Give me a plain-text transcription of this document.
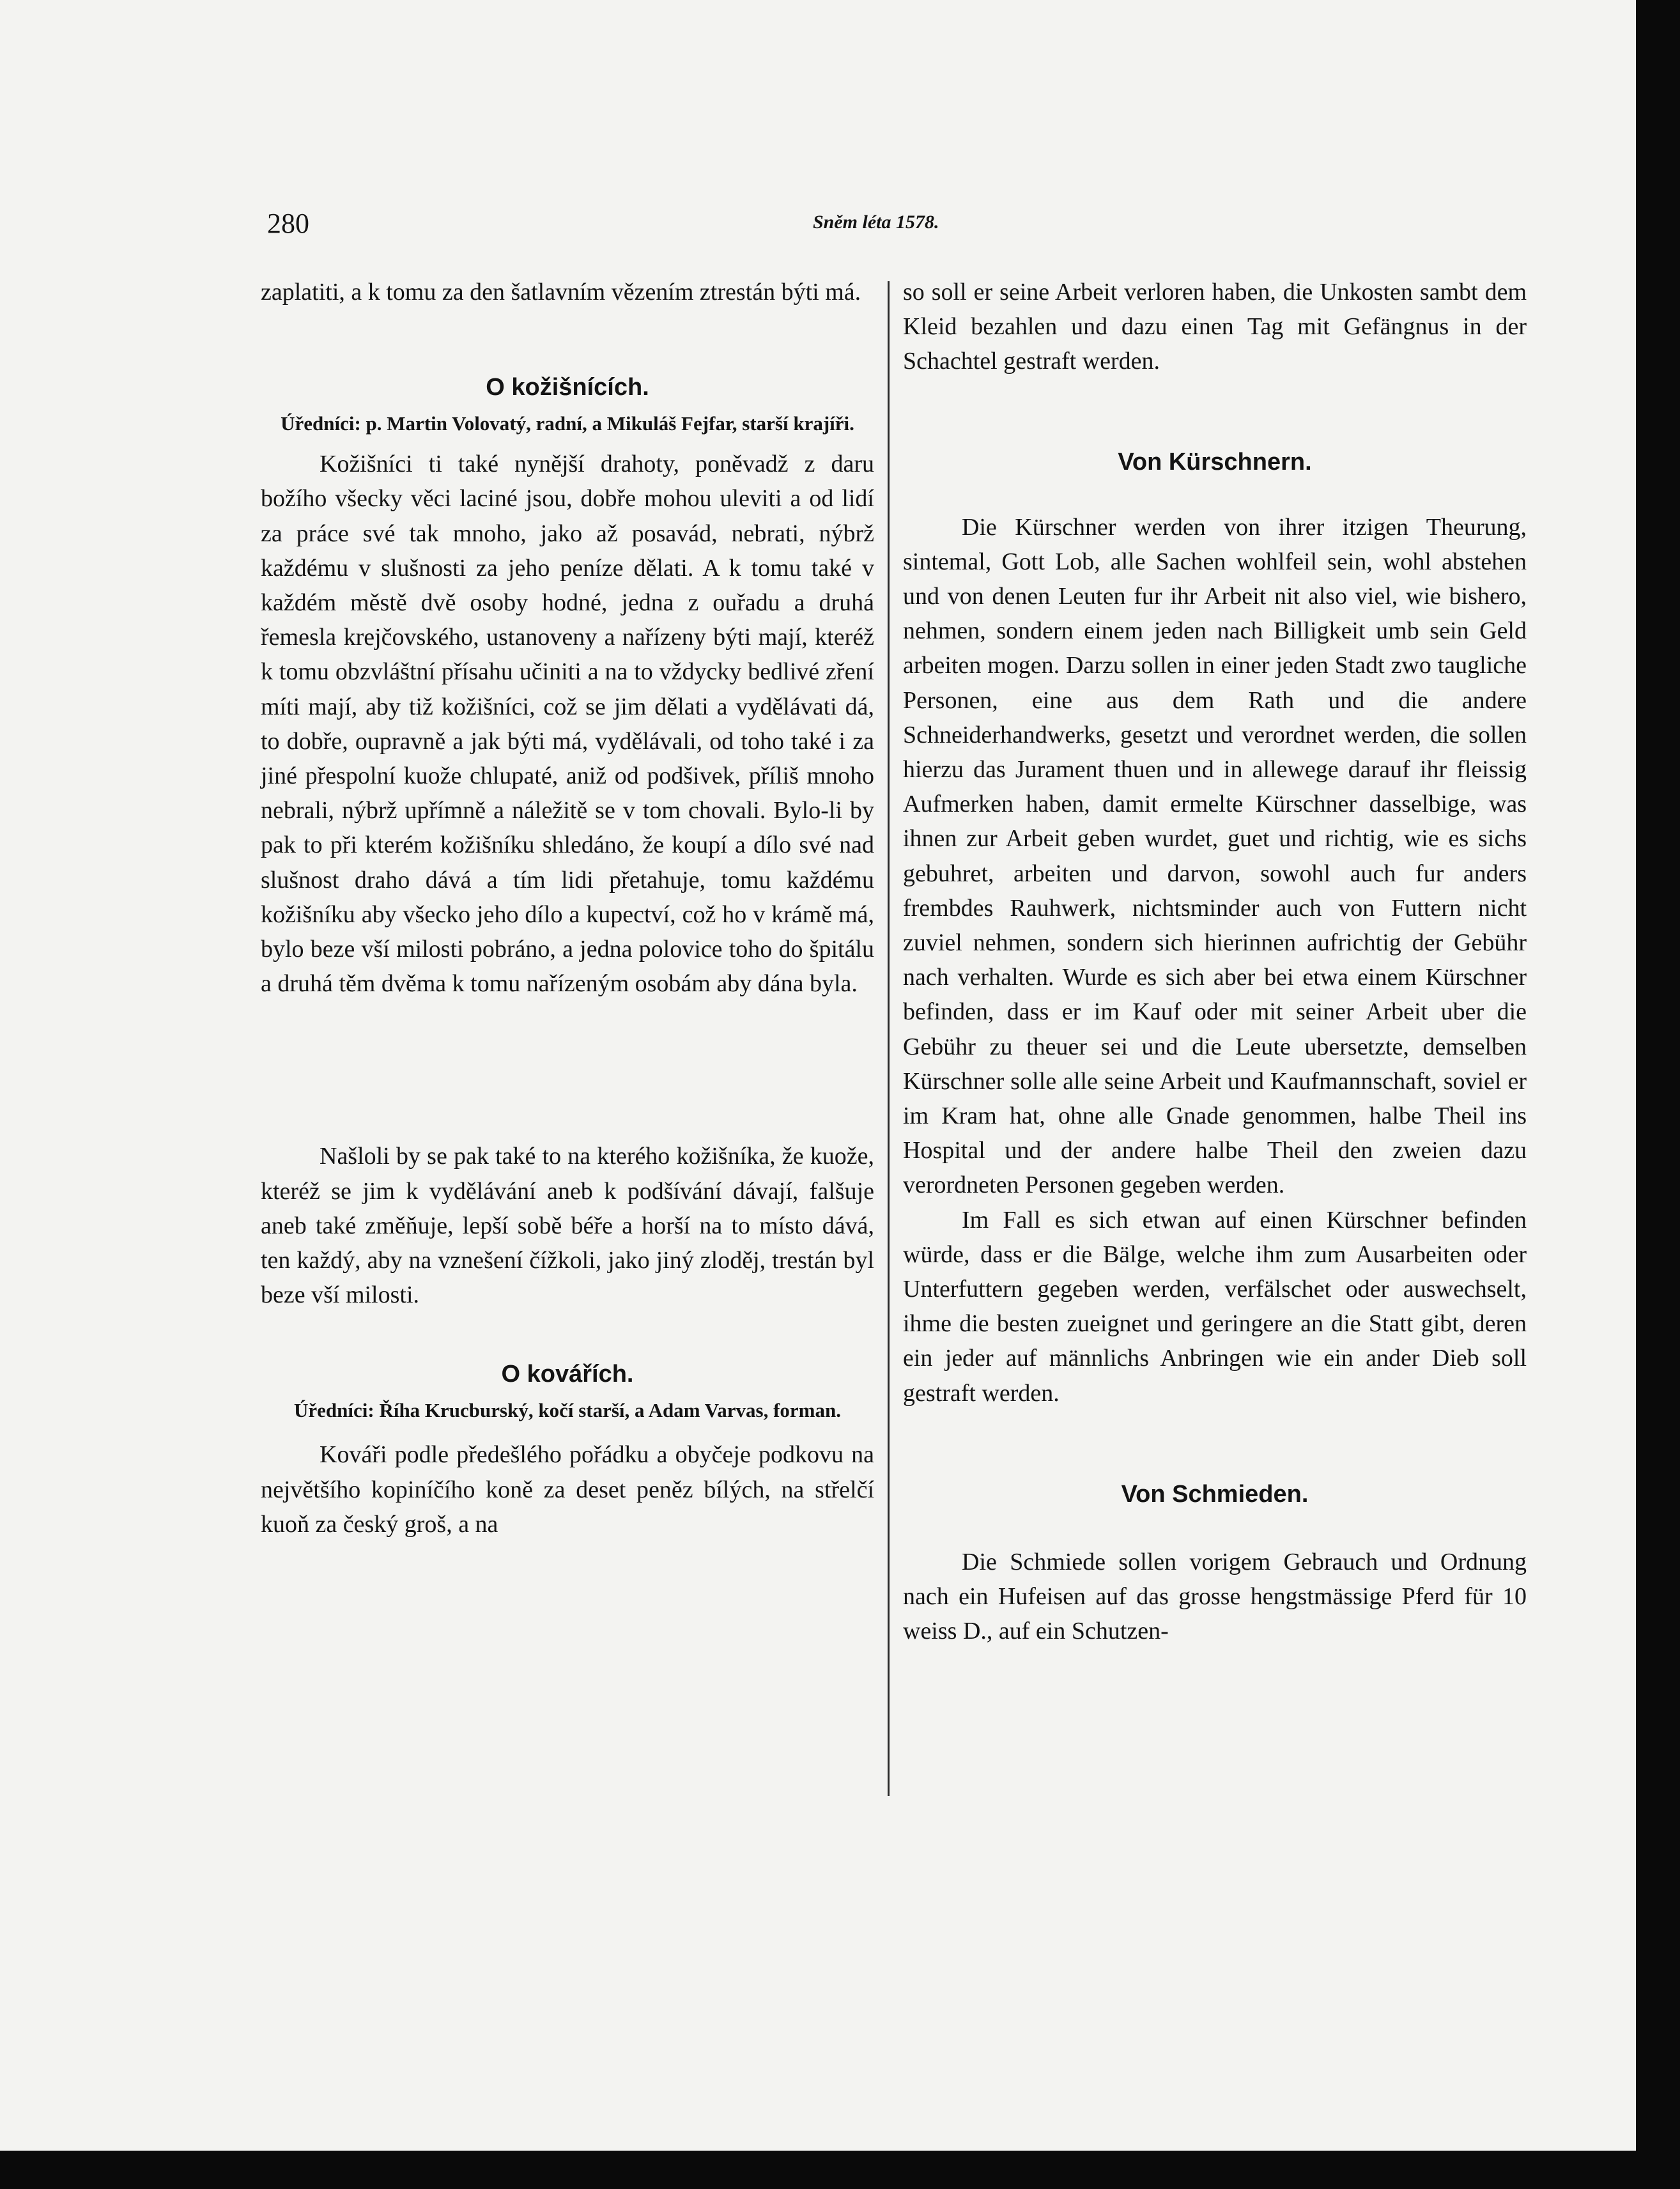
280	Sněm léta 1578.

zaplatiti, a k tomu za den šatlavním vězením ztrestán býti má.

O kožišnících.

Úředníci: p. Martin Volovatý, radní, a Mikuláš Fejfar, starší krajíři.

Kožišníci ti také nynější drahoty, poněvadž z daru božího všecky věci laciné jsou, dobře mohou uleviti a od lidí za práce své tak mnoho, jako až posavád, nebrati, nýbrž každému v slušnosti za jeho peníze dělati. A k tomu také v každém městě dvě osoby hodné, jedna z ouřadu a druhá řemesla krejčovského, ustanoveny a nařízeny býti mají, kteréž k tomu obzvláštní přísahu učiniti a na to vždycky bedlivé zření míti mají, aby tiž kožišníci, což se jim dělati a vydělávati dá, to dobře, oupravně a jak býti má, vydělávali, od toho také i za jiné přespolní kuože chlupaté, aniž od podšivek, příliš mnoho nebrali, nýbrž upřímně a náležitě se v tom chovali. Bylo-li by pak to při kterém kožišníku shledáno, že koupí a dílo své nad slušnost draho dává a tím lidi přetahuje, tomu každému kožišníku aby všecko jeho dílo a kupectví, což ho v krámě má, bylo beze vší milosti pobráno, a jedna polovice toho do špitálu a druhá těm dvěma k tomu nařízeným osobám aby dána byla.

Našloli by se pak také to na kterého kožišníka, že kuože, kteréž se jim k vydělávání aneb k podšívání dávají, falšuje aneb také změňuje, lepší sobě béře a horší na to místo dává, ten každý, aby na vznešení čížkoli, jako jiný zloděj, trestán byl beze vší milosti.

O kovářích.

Úředníci: Říha Krucburský, kočí starší, a Adam Varvas, forman.

Kováři podle předešlého pořádku a obyčeje podkovu na největšího kopiníčího koně za deset peněz bílých, na střelčí kuoň za český groš, a na

so soll er seine Arbeit verloren haben, die Unkosten sambt dem Kleid bezahlen und dazu einen Tag mit Gefängnus in der Schachtel gestraft werden.

Von Kürschnern.

Die Kürschner werden von ihrer itzigen Theurung, sintemal, Gott Lob, alle Sachen wohlfeil sein, wohl abstehen und von denen Leuten fur ihr Arbeit nit also viel, wie bishero, nehmen, sondern einem jeden nach Billigkeit umb sein Geld arbeiten mogen. Darzu sollen in einer jeden Stadt zwo taugliche Personen, eine aus dem Rath und die andere Schneiderhandwerks, gesetzt und verordnet werden, die sollen hierzu das Jurament thuen und in allewege darauf ihr fleissig Aufmerken haben, damit ermelte Kürschner dasselbige, was ihnen zur Arbeit geben wurdet, guet und richtig, wie es sichs gebuhret, arbeiten und darvon, sowohl auch fur anders frembdes Rauhwerk, nichtsminder auch von Futtern nicht zuviel nehmen, sondern sich hierinnen aufrichtig der Gebühr nach verhalten. Wurde es sich aber bei etwa einem Kürschner befinden, dass er im Kauf oder mit seiner Arbeit uber die Gebühr zu theuer sei und die Leute ubersetzte, demselben Kürschner solle alle seine Arbeit und Kaufmannschaft, soviel er im Kram hat, ohne alle Gnade genommen, halbe Theil ins Hospital und der andere halbe Theil den zweien dazu verordneten Personen gegeben werden.

Im Fall es sich etwan auf einen Kürschner befinden würde, dass er die Bälge, welche ihm zum Ausarbeiten oder Unterfuttern gegeben werden, verfälschet oder auswechselt, ihme die besten zueignet und geringere an die Statt gibt, deren ein jeder auf männlichs Anbringen wie ein ander Dieb soll gestraft werden.

Von Schmieden.

Die Schmiede sollen vorigem Gebrauch und Ordnung nach ein Hufeisen auf das grosse hengstmässige Pferd für 10 weiss D., auf ein Schutzen-
